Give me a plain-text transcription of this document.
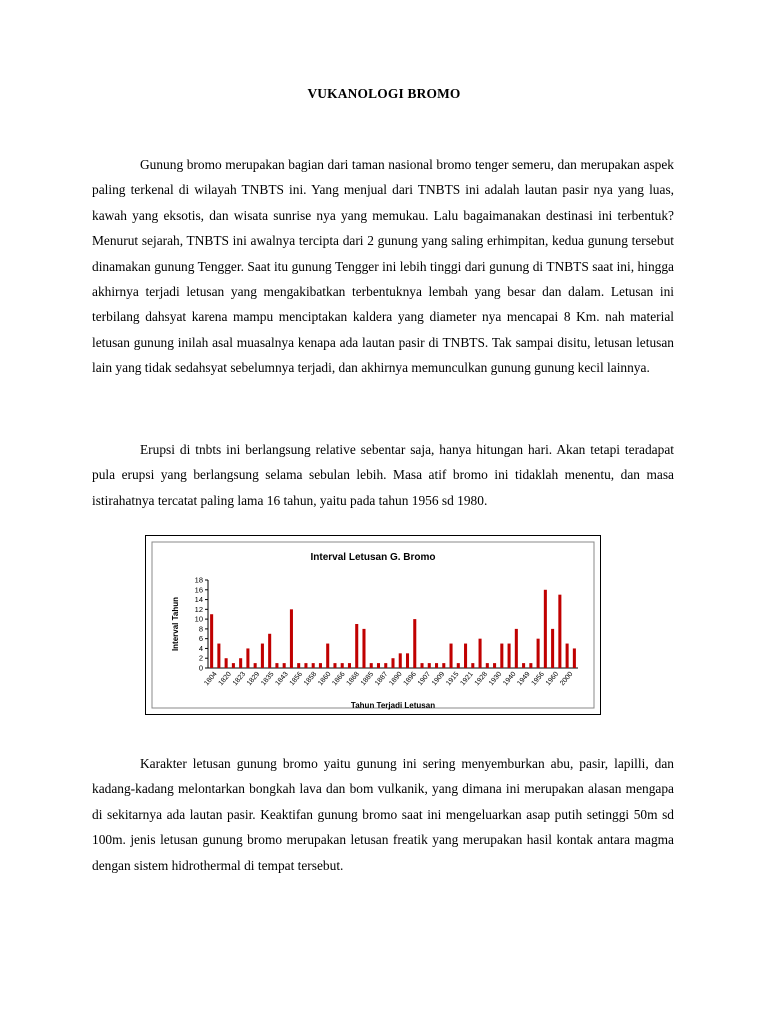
VUKANOLOGI BROMO

Gunung bromo merupakan bagian dari taman nasional bromo tenger semeru, dan merupakan aspek paling terkenal di wilayah TNBTS ini. Yang menjual dari TNBTS ini adalah lautan pasir nya yang luas, kawah yang eksotis, dan wisata sunrise nya yang memukau. Lalu bagaimanakan destinasi ini terbentuk? Menurut sejarah, TNBTS ini awalnya tercipta dari 2 gunung yang saling erhimpitan, kedua gunung tersebut dinamakan gunung Tengger. Saat itu gunung Tengger ini lebih tinggi dari gunung di TNBTS saat ini, hingga akhirnya terjadi letusan yang mengakibatkan terbentuknya lembah yang besar dan dalam. Letusan ini terbilang dahsyat karena mampu menciptakan kaldera yang diameter nya mencapai 8 Km. nah material letusan gunung inilah asal muasalnya kenapa ada lautan pasir di TNBTS. Tak sampai disitu, letusan letusan lain yang tidak sedahsyat sebelumnya terjadi, dan akhirnya memunculkan gunung gunung kecil lainnya.

Erupsi di tnbts ini berlangsung relative sebentar saja, hanya hitungan hari. Akan tetapi teradapat pula erupsi yang berlangsung selama sebulan lebih. Masa atif bromo ini tidaklah menentu, dan masa istirahatnya tercatat paling lama 16 tahun, yaitu pada tahun 1956 sd 1980.

Interval Letusan G. Bromo
Interval Tahun
Tahun Terjadi Letusan
0
2
4
6
8
10
12
14
16
18
1804
1820
1823
1829
1835
1843
1856
1858
1860
1866
1868
1885
1887
1890
1896
1907
1909
1915
1921
1928
1930
1940
1949
1956
1960
2000

Karakter letusan gunung bromo yaitu gunung ini sering menyemburkan abu, pasir, lapilli, dan kadang-kadang melontarkan bongkah lava dan bom vulkanik, yang dimana ini merupakan alasan mengapa di sekitarnya ada lautan pasir. Keaktifan gunung bromo saat ini mengeluarkan asap putih setinggi 50m sd 100m. jenis letusan gunung bromo merupakan letusan freatik yang merupakan hasil kontak antara magma dengan sistem hidrothermal di tempat tersebut.
